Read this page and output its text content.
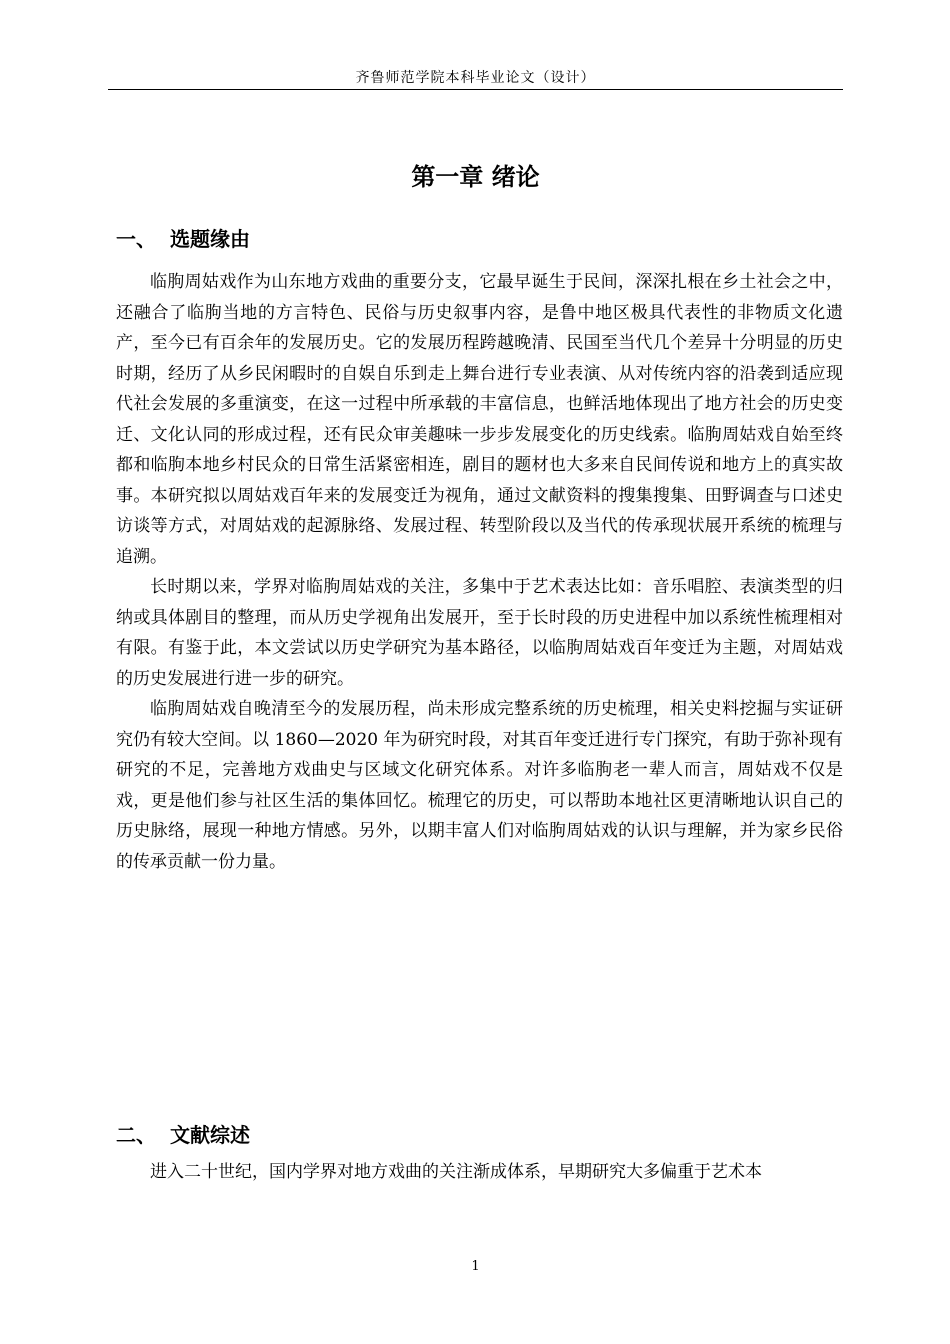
齐鲁师范学院本科毕业论文（设计）
第一章 绪论
一、 选题缘由

临朐周姑戏作为山东地方戏曲的重要分支，它最早诞生于民间，深深扎根在乡土社会之中，还融合了临朐当地的方言特色、民俗与历史叙事内容，是鲁中地区极具代表性的非物质文化遗产，至今已有百余年的发展历史。它的发展历程跨越晚清、民国至当代几个差异十分明显的历史时期，经历了从乡民闲暇时的自娱自乐到走上舞台进行专业表演、从对传统内容的沿袭到适应现代社会发展的多重演变，在这一过程中所承载的丰富信息，也鲜活地体现出了地方社会的历史变迁、文化认同的形成过程，还有民众审美趣味一步步发展变化的历史线索。临朐周姑戏自始至终都和临朐本地乡村民众的日常生活紧密相连，剧目的题材也大多来自民间传说和地方上的真实故事。本研究拟以周姑戏百年来的发展变迁为视角，通过文献资料的搜集搜集、田野调查与口述史访谈等方式，对周姑戏的起源脉络、发展过程、转型阶段以及当代的传承现状展开系统的梳理与追溯。

长时期以来，学界对临朐周姑戏的关注，多集中于艺术表达比如：音乐唱腔、表演类型的归纳或具体剧目的整理，而从历史学视角出发展开，至于长时段的历史进程中加以系统性梳理相对有限。有鉴于此，本文尝试以历史学研究为基本路径，以临朐周姑戏百年变迁为主题，对周姑戏的历史发展进行进一步的研究。

临朐周姑戏自晚清至今的发展历程，尚未形成完整系统的历史梳理，相关史料挖掘与实证研究仍有较大空间。以 1860—2020 年为研究时段，对其百年变迁进行专门探究，有助于弥补现有研究的不足，完善地方戏曲史与区域文化研究体系。对许多临朐老一辈人而言，周姑戏不仅是戏，更是他们参与社区生活的集体回忆。梳理它的历史，可以帮助本地社区更清晰地认识自己的历史脉络，展现一种地方情感。另外，以期丰富人们对临朐周姑戏的认识与理解，并为家乡民俗的传承贡献一份力量。

二、 文献综述

进入二十世纪，国内学界对地方戏曲的关注渐成体系，早期研究大多偏重于艺术本

1
